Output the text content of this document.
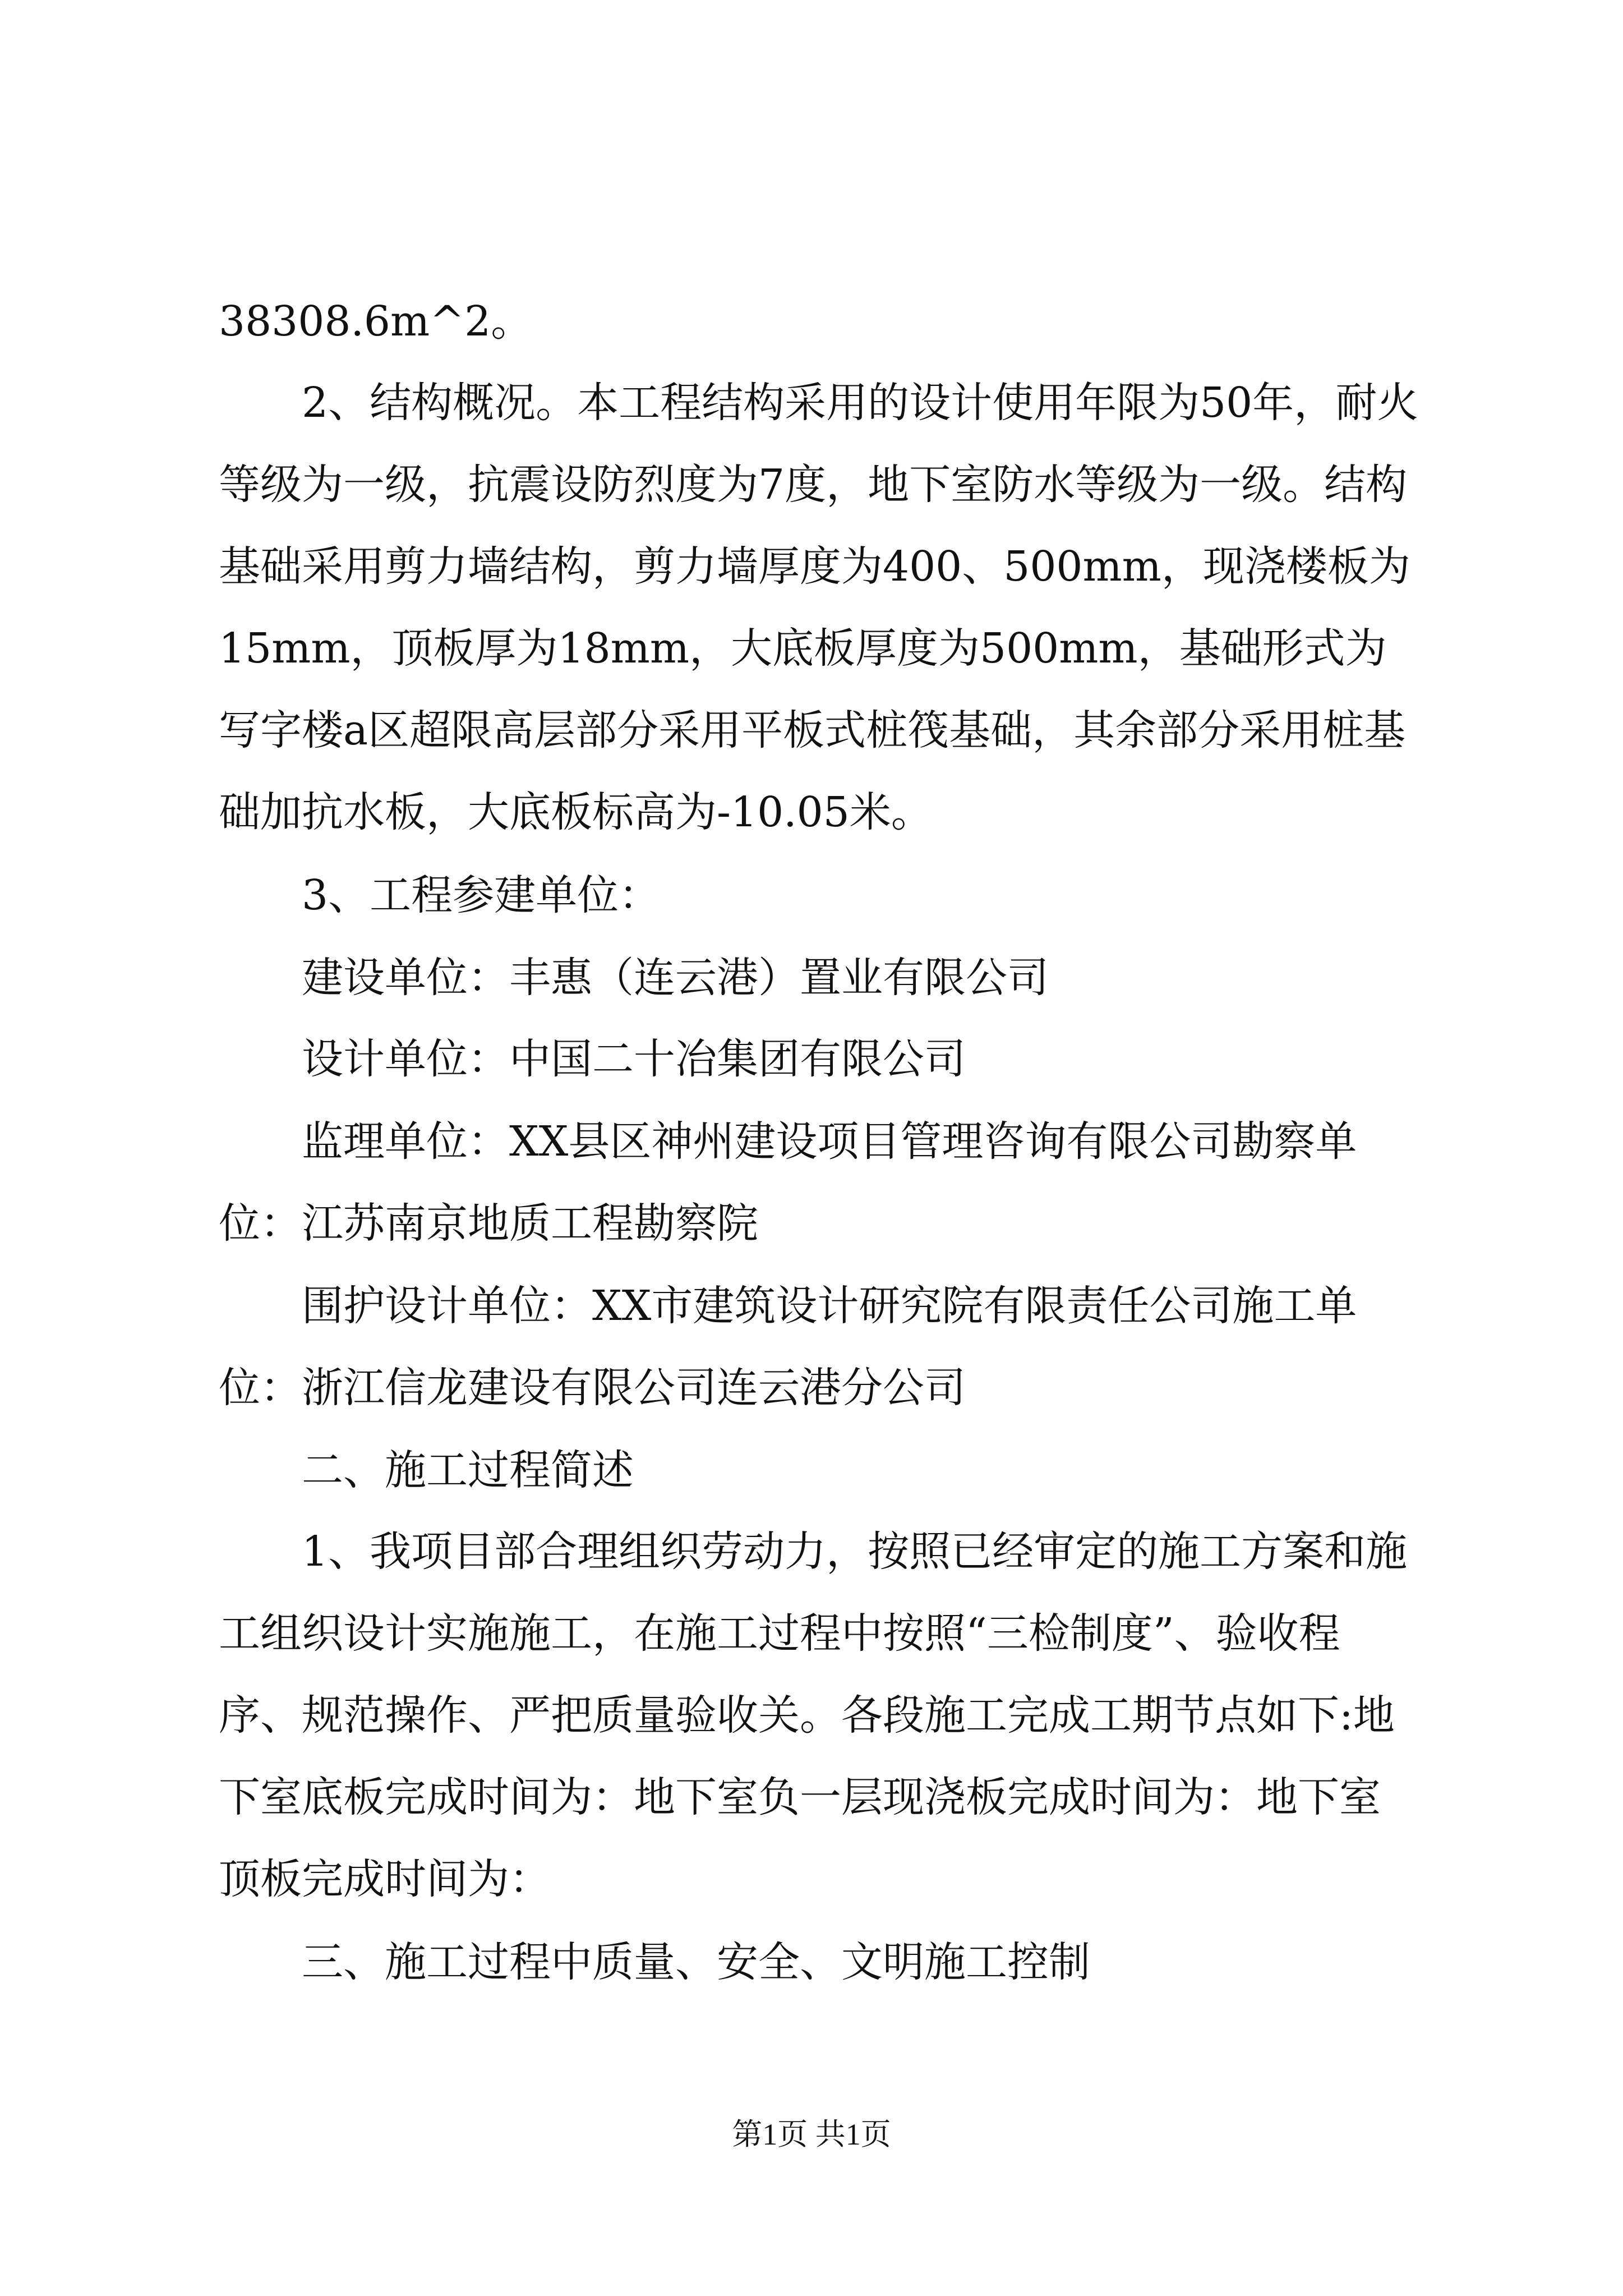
38308.6m^2。

2、结构概况。本工程结构采用的设计使用年限为50年，耐火等级为一级，抗震设防烈度为7度，地下室防水等级为一级。结构基础采用剪力墙结构，剪力墙厚度为400、500mm，现浇楼板为15mm，顶板厚为18mm，大底板厚度为500mm，基础形式为写字楼a区超限高层部分采用平板式桩筏基础，其余部分采用桩基础加抗水板，大底板标高为-10.05米。

3、工程参建单位：

建设单位：丰惠（连云港）置业有限公司

设计单位：中国二十冶集团有限公司

监理单位：XX县区神州建设项目管理咨询有限公司勘察单位：江苏南京地质工程勘察院

围护设计单位：XX市建筑设计研究院有限责任公司施工单位：浙江信龙建设有限公司连云港分公司

二、施工过程简述

1、我项目部合理组织劳动力，按照已经审定的施工方案和施工组织设计实施施工，在施工过程中按照“三检制度”、验收程序、规范操作、严把质量验收关。各段施工完成工期节点如下:地下室底板完成时间为：地下室负一层现浇板完成时间为：地下室顶板完成时间为：

三、施工过程中质量、安全、文明施工控制

第1页 共1页
